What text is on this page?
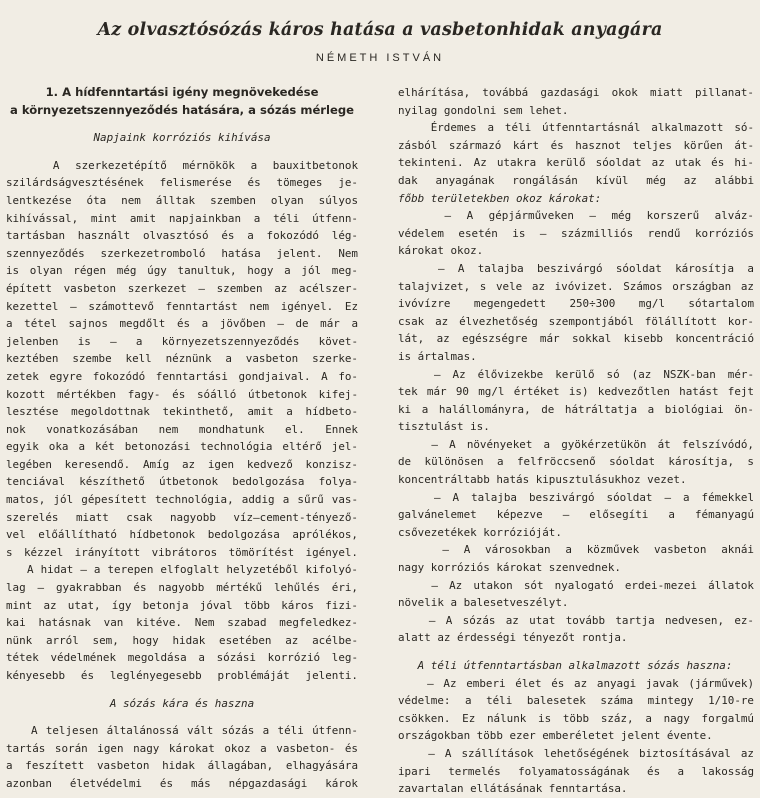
Az olvasztósózás káros hatása a vasbetonhidak anyagára
NÉMETH ISTVÁN
1. A hídfenntartási igény megnövekedése
a környezetszennyeződés hatására, a sózás mérlege
Napjaink korróziós kihívása
A szerkezetépítő mérnökök a bauxitbetonok
szilárdságvesztésének felismerése és tömeges je-
lentkezése óta nem álltak szemben olyan súlyos
kihívással, mint amit napjainkban a téli útfenn-
tartásban használt olvasztósó és a fokozódó lég-
szennyeződés szerkezetromboló hatása jelent. Nem
is olyan régen még úgy tanultuk, hogy a jól meg-
épített vasbeton szerkezet — szemben az acélszer-
kezettel — számottevő fenntartást nem igényel. Ez
a tétel sajnos megdőlt és a jövőben — de már a
jelenben is — a környezetszennyeződés követ-
keztében szembe kell néznünk a vasbeton szerke-
zetek egyre fokozódó fenntartási gondjaival. A fo-
kozott mértékben fagy- és sóálló útbetonok kifej-
lesztése megoldottnak tekinthető, amit a hídbeto-
nok vonatkozásában nem mondhatunk el. Ennek
egyik oka a két betonozási technológia eltérő jel-
legében keresendő. Amíg az igen kedvező konzisz-
tenciával készíthető útbetonok bedolgozása folya-
matos, jól gépesített technológia, addig a sűrű vas-
szerelés miatt csak nagyobb víz—cement-tényező-
vel előállítható hídbetonok bedolgozása aprólékos,
s kézzel irányított vibrátoros tömörítést igényel.
A hidat — a terepen elfoglalt helyzetéből kifolyó-
lag — gyakrabban és nagyobb mértékű lehűlés éri,
mint az utat, így betonja jóval több káros fizi-
kai hatásnak van kitéve. Nem szabad megfeledkez-
nünk arról sem, hogy hidak esetében az acélbe-
tétek védelmének megoldása a sózási korrózió leg-
kényesebb és leglényegesebb problémáját jelenti.
A sózás kára és haszna
A teljesen általánossá vált sózás a téli útfenn-
tartás során igen nagy károkat okoz a vasbeton- és
a feszített vasbeton hidak állagában, elhagyására
azonban életvédelmi és más népgazdasági károk
elhárítása, továbbá gazdasági okok miatt pillanat-
nyilag gondolni sem lehet.
Érdemes a téli útfenntartásnál alkalmazott só-
zásból származó kárt és hasznot teljes körűen át-
tekinteni. Az utakra kerülő sóoldat az utak és hi-
dak anyagának rongálásán kívül még az alábbi
főbb területekben okoz károkat:
— A gépjárműveken — még korszerű alváz-
védelem esetén is — százmilliós rendű korróziós
károkat okoz.
— A talajba beszivárgó sóoldat károsítja a
talajvizet, s vele az ivóvizet. Számos országban az
ivóvízre megengedett 250÷300 mg/l sótartalom
csak az élvezhetőség szempontjából fölállított kor-
lát, az egészségre már sokkal kisebb koncentráció
is ártalmas.
— Az élővizekbe kerülő só (az NSZK-ban mér-
tek már 90 mg/l értéket is) kedvezőtlen hatást fejt
ki a halállományra, de hátráltatja a biológiai ön-
tisztulást is.
— A növényeket a gyökérzetükön át felszívódó,
de különösen a felfröccsenő sóoldat károsítja, s
koncentráltabb hatás kipusztulásukhoz vezet.
— A talajba beszivárgó sóoldat — a fémekkel
galvánelemet képezve — elősegíti a fémanyagú
csővezetékek korrózióját.
— A városokban a közművek vasbeton aknái
nagy korróziós károkat szenvednek.
— Az utakon sót nyalogató erdei-mezei állatok
növelik a balesetveszélyt.
— A sózás az utat tovább tartja nedvesen, ez-
alatt az érdességi tényezőt rontja.
A téli útfenntartásban alkalmazott sózás haszna:
— Az emberi élet és az anyagi javak (járművek)
védelme: a téli balesetek száma mintegy 1/10-re
csökken. Ez nálunk is több száz, a nagy forgalmú
országokban több ezer emberéletet jelent évente.
— A szállítások lehetőségének biztosításával az
ipari termelés folyamatosságának és a lakosság
zavartalan ellátásának fenntartása.
